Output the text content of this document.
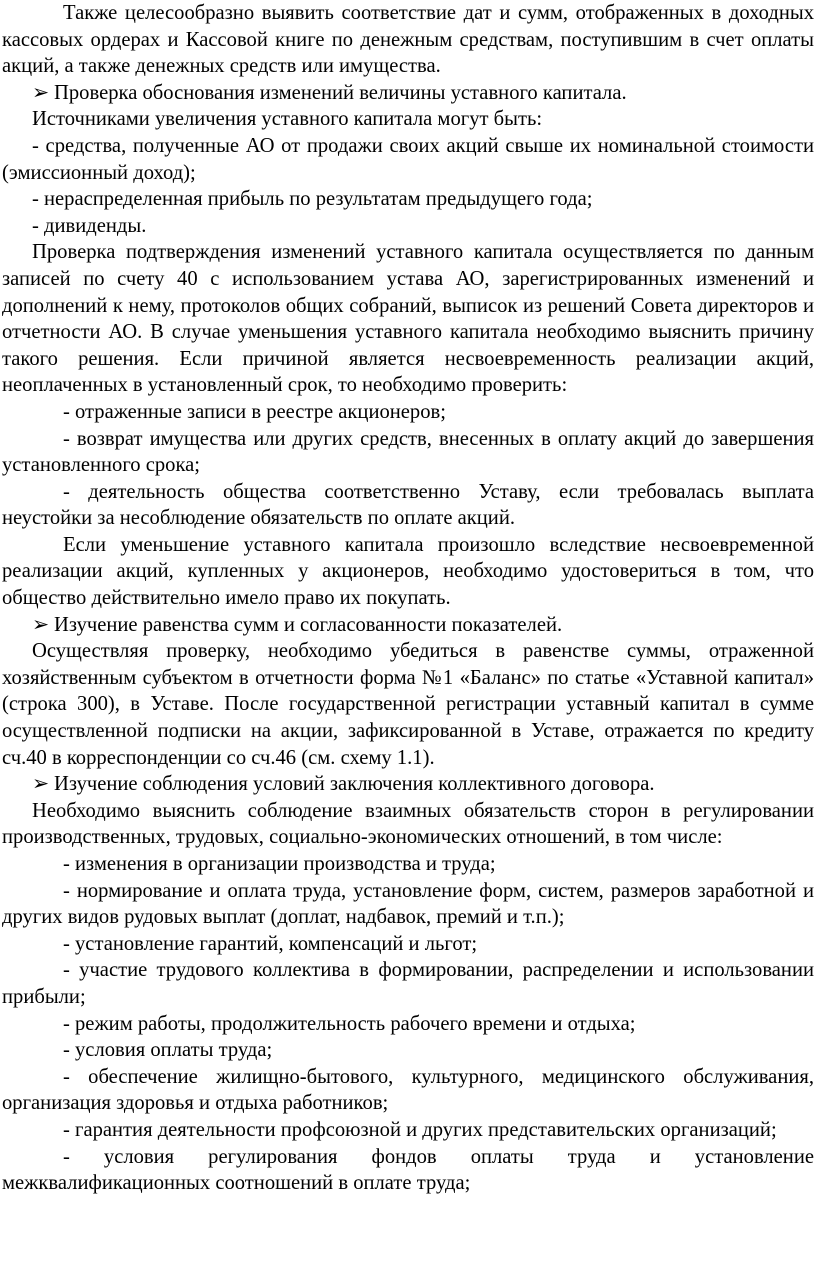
Также целесообразно выявить соответствие дат и сумм, отображенных в доходных кассовых ордерах и Кассовой книге по денежным средствам, поступившим в счет оплаты акций, а также денежных средств или имущества.

➢ Проверка обоснования изменений величины уставного капитала.

Источниками увеличения уставного капитала могут быть:

- средства, полученные АО от продажи своих акций свыше их номинальной стоимости (эмиссионный доход);

- нераспределенная прибыль по результатам предыдущего года;

- дивиденды.

Проверка подтверждения изменений уставного капитала осуществляется по данным записей по счету 40 с использованием устава АО, зарегистрированных изменений и дополнений к нему, протоколов общих собраний, выписок из решений Совета директоров и отчетности АО. В случае уменьшения уставного капитала необходимо выяснить причину такого решения. Если причиной является несвоевременность реализации акций, неоплаченных в установленный срок, то необходимо проверить:

- отраженные записи в реестре акционеров;

- возврат имущества или других средств, внесенных в оплату акций до завершения установленного срока;

- деятельность общества соответственно Уставу, если требовалась выплата неустойки за несоблюдение обязательств по оплате акций.

Если уменьшение уставного капитала произошло вследствие несвоевременной реализации акций, купленных у акционеров, необходимо удостовериться в том, что общество действительно имело право их покупать.

➢ Изучение равенства сумм и согласованности показателей.

Осуществляя проверку, необходимо убедиться в равенстве суммы, отраженной хозяйственным субъектом в отчетности форма №1 «Баланс» по статье «Уставной капитал» (строка 300), в Уставе. После государственной регистрации уставный капитал в сумме осуществленной подписки на акции, зафиксированной в Уставе, отражается по кредиту сч.40 в корреспонденции со сч.46 (см. схему 1.1).

➢ Изучение соблюдения условий заключения коллективного договора.

Необходимо выяснить соблюдение взаимных обязательств сторон в регулировании производственных, трудовых, социально-экономических отношений, в том числе:

- изменения в организации производства и труда;

- нормирование и оплата труда, установление форм, систем, размеров заработной и других видов рудовых выплат (доплат, надбавок, премий и т.п.);

- установление гарантий, компенсаций и льгот;

- участие трудового коллектива в формировании, распределении и использовании прибыли;

- режим работы, продолжительность рабочего времени и отдыха;

- условия оплаты труда;

- обеспечение жилищно-бытового, культурного, медицинского обслуживания, организация здоровья и отдыха работников;

- гарантия деятельности профсоюзной и других представительских организаций;

- условия регулирования фондов оплаты труда и установление межквалификационных соотношений в оплате труда;
